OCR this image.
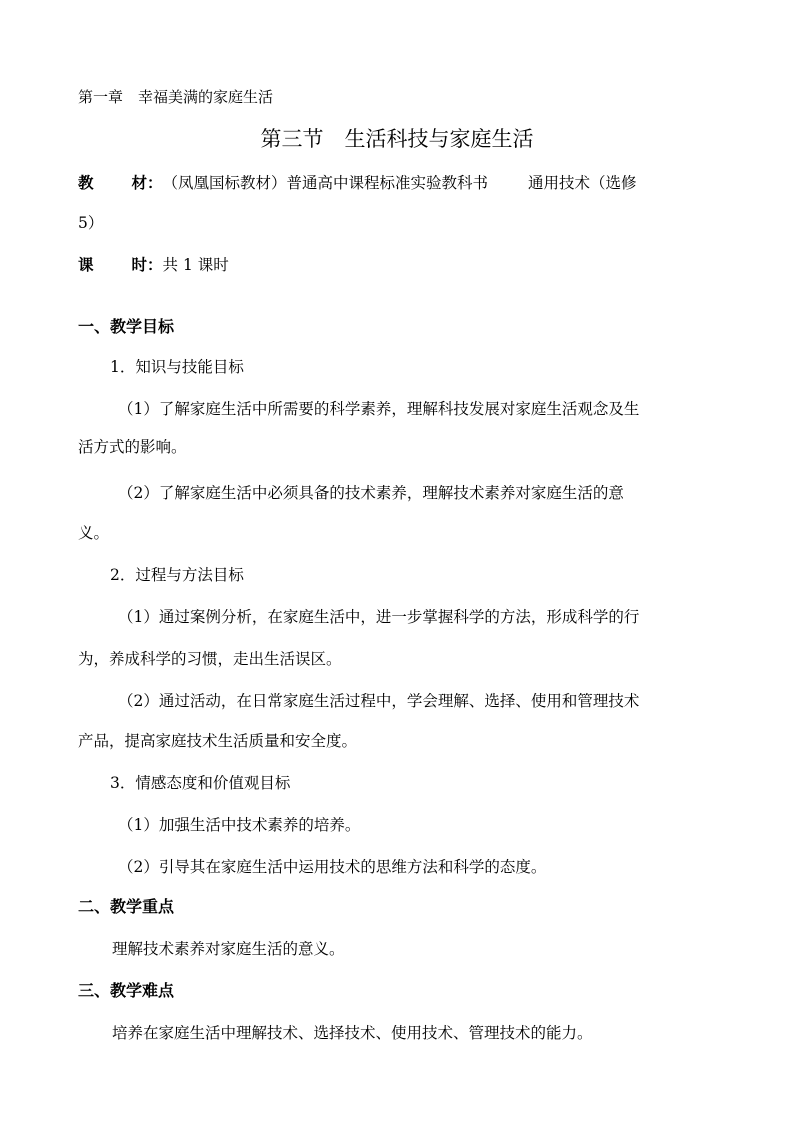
第一章　幸福美满的家庭生活
第三节　生活科技与家庭生活
教 材：（凤凰国标教材）普通高中课程标准实验教科书	通用技术（选修
5）
课 时：共 1 课时
一、教学目标
1．知识与技能目标
（1）了解家庭生活中所需要的科学素养，理解科技发展对家庭生活观念及生
活方式的影响。
（2）了解家庭生活中必须具备的技术素养，理解技术素养对家庭生活的意
义。
2．过程与方法目标
（1）通过案例分析，在家庭生活中，进一步掌握科学的方法，形成科学的行
为，养成科学的习惯，走出生活误区。
（2）通过活动，在日常家庭生活过程中，学会理解、选择、使用和管理技术
产品，提高家庭技术生活质量和安全度。
3．情感态度和价值观目标
（1）加强生活中技术素养的培养。
（2）引导其在家庭生活中运用技术的思维方法和科学的态度。
二、教学重点
理解技术素养对家庭生活的意义。
三、教学难点
培养在家庭生活中理解技术、选择技术、使用技术、管理技术的能力。
